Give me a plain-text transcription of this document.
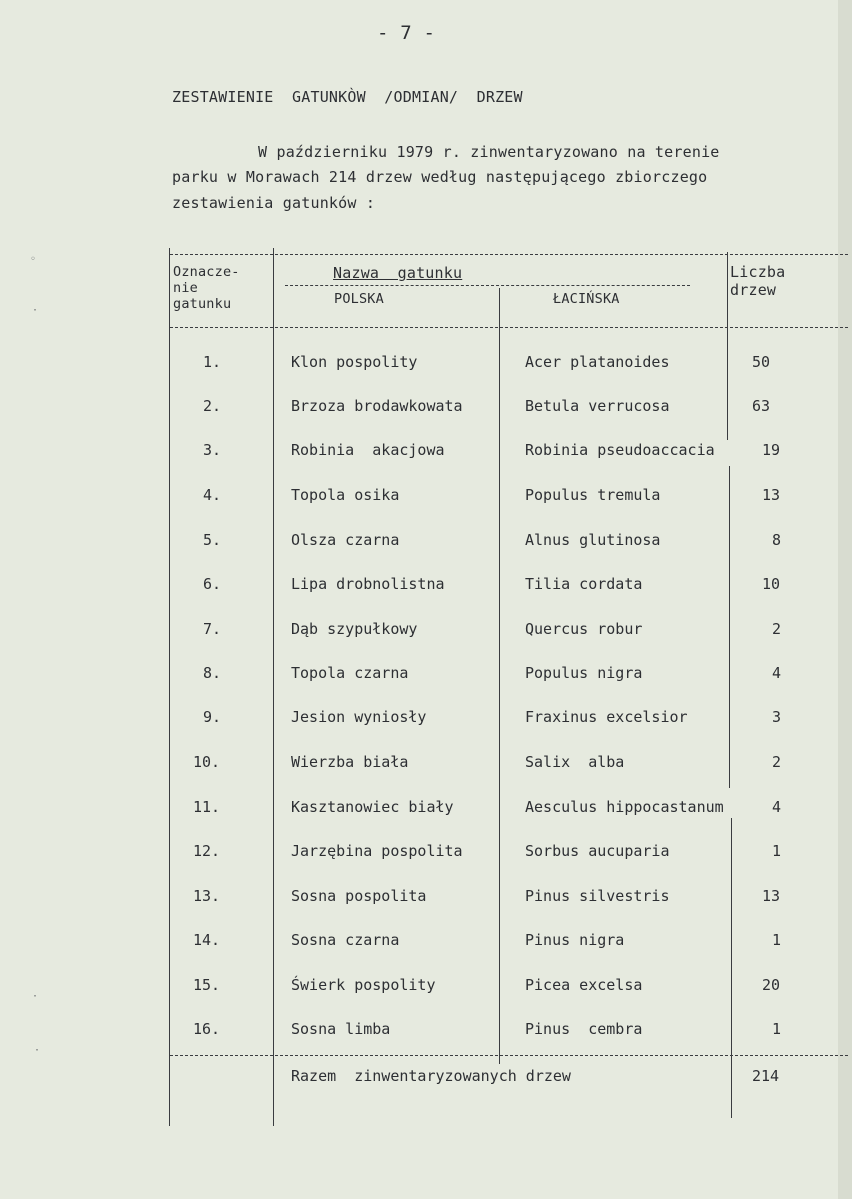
- 7 -
ZESTAWIENIE  GATUNKÒW  /ODMIAN/  DRZEW
W październiku 1979 r. zinwentaryzowano na terenie
parku w Morawach 214 drzew według następującego zbiorczego
zestawienia gatunków :
◦
·
·
·
Oznacze-
nie
gatunku
Nazwa  gatunku
POLSKA	ŁACIŃSKA
Liczba
drzew
1.	Klon pospolity	Acer platanoides	50
2.	Brzoza brodawkowata	Betula verrucosa	63
3.	Robinia  akacjowa	Robinia pseudoaccacia	19
4.	Topola osika	Populus tremula	13
5.	Olsza czarna	Alnus glutinosa	8
6.	Lipa drobnolistna	Tilia cordata	10
7.	Dąb szypułkowy	Quercus robur	2
8.	Topola czarna	Populus nigra	4
9.	Jesion wyniosły	Fraxinus excelsior	3
10.	Wierzba biała	Salix  alba	2
11.	Kasztanowiec biały	Aesculus hippocastanum	4
12.	Jarzębina pospolita	Sorbus aucuparia	1
13.	Sosna pospolita	Pinus silvestris	13
14.	Sosna czarna	Pinus nigra	1
15.	Świerk pospolity	Picea excelsa	20
16.	Sosna limba	Pinus  cembra	1
Razem  zinwentaryzowanych drzew	214
